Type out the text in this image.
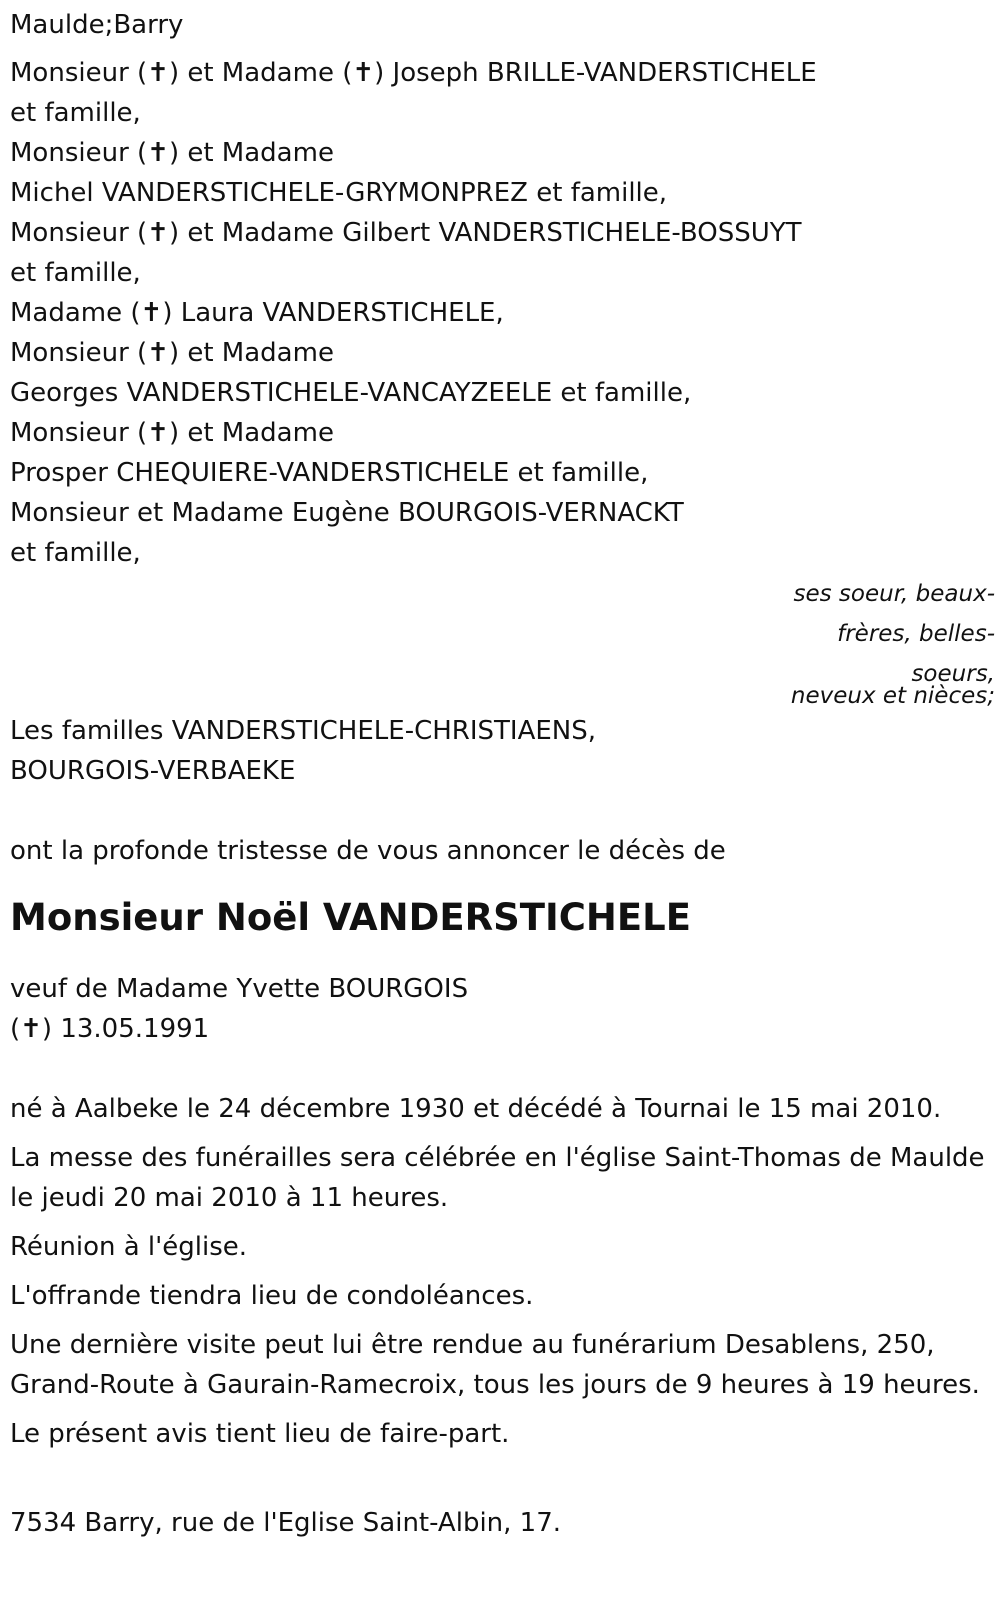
Maulde;Barry
Monsieur (✝) et Madame (✝) Joseph BRILLE-VANDERSTICHELE
et famille,
Monsieur (✝) et Madame
Michel VANDERSTICHELE-GRYMONPREZ et famille,
Monsieur (✝) et Madame Gilbert VANDERSTICHELE-BOSSUYT
et famille,
Madame (✝) Laura VANDERSTICHELE,
Monsieur (✝) et Madame
Georges VANDERSTICHELE-VANCAYZEELE et famille,
Monsieur (✝) et Madame
Prosper CHEQUIERE-VANDERSTICHELE et famille,
Monsieur et Madame Eugène BOURGOIS-VERNACKT
et famille,
ses soeur, beaux-
frères, belles-
soeurs,
neveux et nièces;
Les familles VANDERSTICHELE-CHRISTIAENS,
BOURGOIS-VERBAEKE
ont la profonde tristesse de vous annoncer le décès de
Monsieur Noël VANDERSTICHELE
veuf de Madame Yvette BOURGOIS
(✝) 13.05.1991
né à Aalbeke le 24 décembre 1930 et décédé à Tournai le 15 mai 2010.
La messe des funérailles sera célébrée en l'église Saint-Thomas de Maulde le jeudi 20 mai 2010 à 11 heures.
Réunion à l'église.
L'offrande tiendra lieu de condoléances.
Une dernière visite peut lui être rendue au funérarium Desablens, 250, Grand-Route à Gaurain-Ramecroix, tous les jours de 9 heures à 19 heures.
Le présent avis tient lieu de faire-part.
7534 Barry, rue de l'Eglise Saint-Albin, 17.
